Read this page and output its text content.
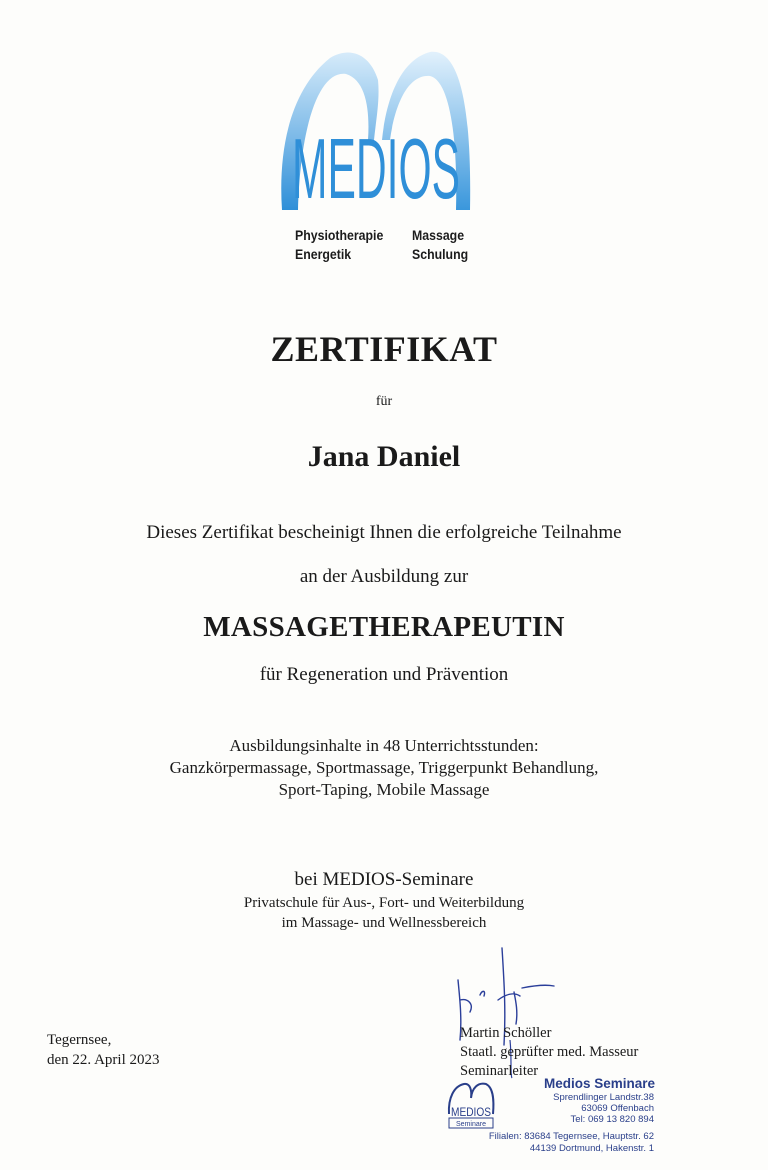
MEDIOS
Physiotherapie
Energetik
Massage
Schulung
ZERTIFIKAT
für
Jana Daniel
Dieses Zertifikat bescheinigt Ihnen die erfolgreiche Teilnahme
an der Ausbildung zur
MASSAGETHERAPEUTIN
für Regeneration und Prävention
Ausbildungsinhalte in 48 Unterrichtsstunden:
Ganzkörpermassage, Sportmassage, Triggerpunkt Behandlung,
Sport-Taping, Mobile Massage
bei MEDIOS-Seminare
Privatschule für Aus-, Fort- und Weiterbildung
im Massage- und Wellnessbereich
Tegernsee,
den 22. April 2023
Martin Schöller
Staatl. geprüfter med. Masseur
Seminarleiter
MEDIOS
Seminare
Medios Seminare
Sprendlinger Landstr.38
63069 Offenbach
Tel: 069 13 820 894
Filialen: 83684 Tegernsee, Hauptstr. 62
44139 Dortmund, Hakenstr. 1
